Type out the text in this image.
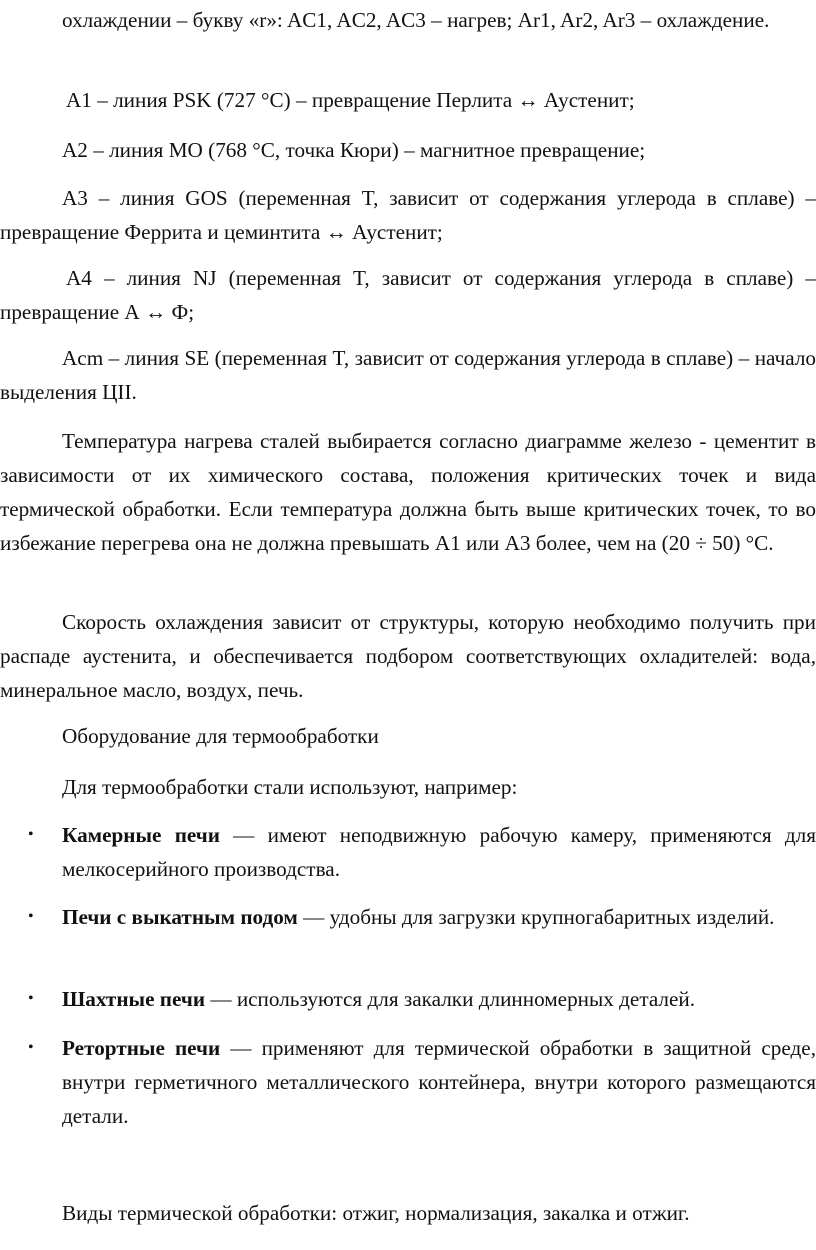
охлаждении – букву «r»: AC1, AC2, AC3 – нагрев; Ar1, Ar2, Ar3 – охлаждение.

A1 – линия PSK (727 °С) – превращение Перлита ↔ Аустенит;

A2 – линия MO (768 °С, точка Кюри) – магнитное превращение;

A3 – линия GOS (переменная T, зависит от содержания углерода в сплаве) – превращение Феррита и цеминтита ↔ Аустенит;

A4 – линия NJ (переменная T, зависит от содержания углерода в сплаве) – превращение А ↔ Ф;

Acm – линия SE (переменная T, зависит от содержания углерода в сплаве) – начало выделения ЦII.

Температура нагрева сталей выбирается согласно диаграмме железо - цементит в зависимости от их химического состава, положения критических точек и вида термической обработки. Если температура должна быть выше критических точек, то во избежание перегрева она не должна превышать А1 или А3 более, чем на (20 ÷ 50) °С.

Скорость охлаждения зависит от структуры, которую необходимо получить при распаде аустенита, и обеспечивается подбором соответствующих охладителей: вода, минеральное масло, воздух, печь.

Оборудование для термообработки

Для термообработки стали используют, например:

• Камерные печи — имеют неподвижную рабочую камеру, применяются для мелкосерийного производства.
• Печи с выкатным подом — удобны для загрузки крупногабаритных изделий.
• Шахтные печи — используются для закалки длинномерных деталей.
• Ретортные печи — применяют для термической обработки в защитной среде, внутри герметичного металлического контейнера, внутри которого размещаются детали.

Виды термической обработки: отжиг, нормализация, закалка и отжиг.
